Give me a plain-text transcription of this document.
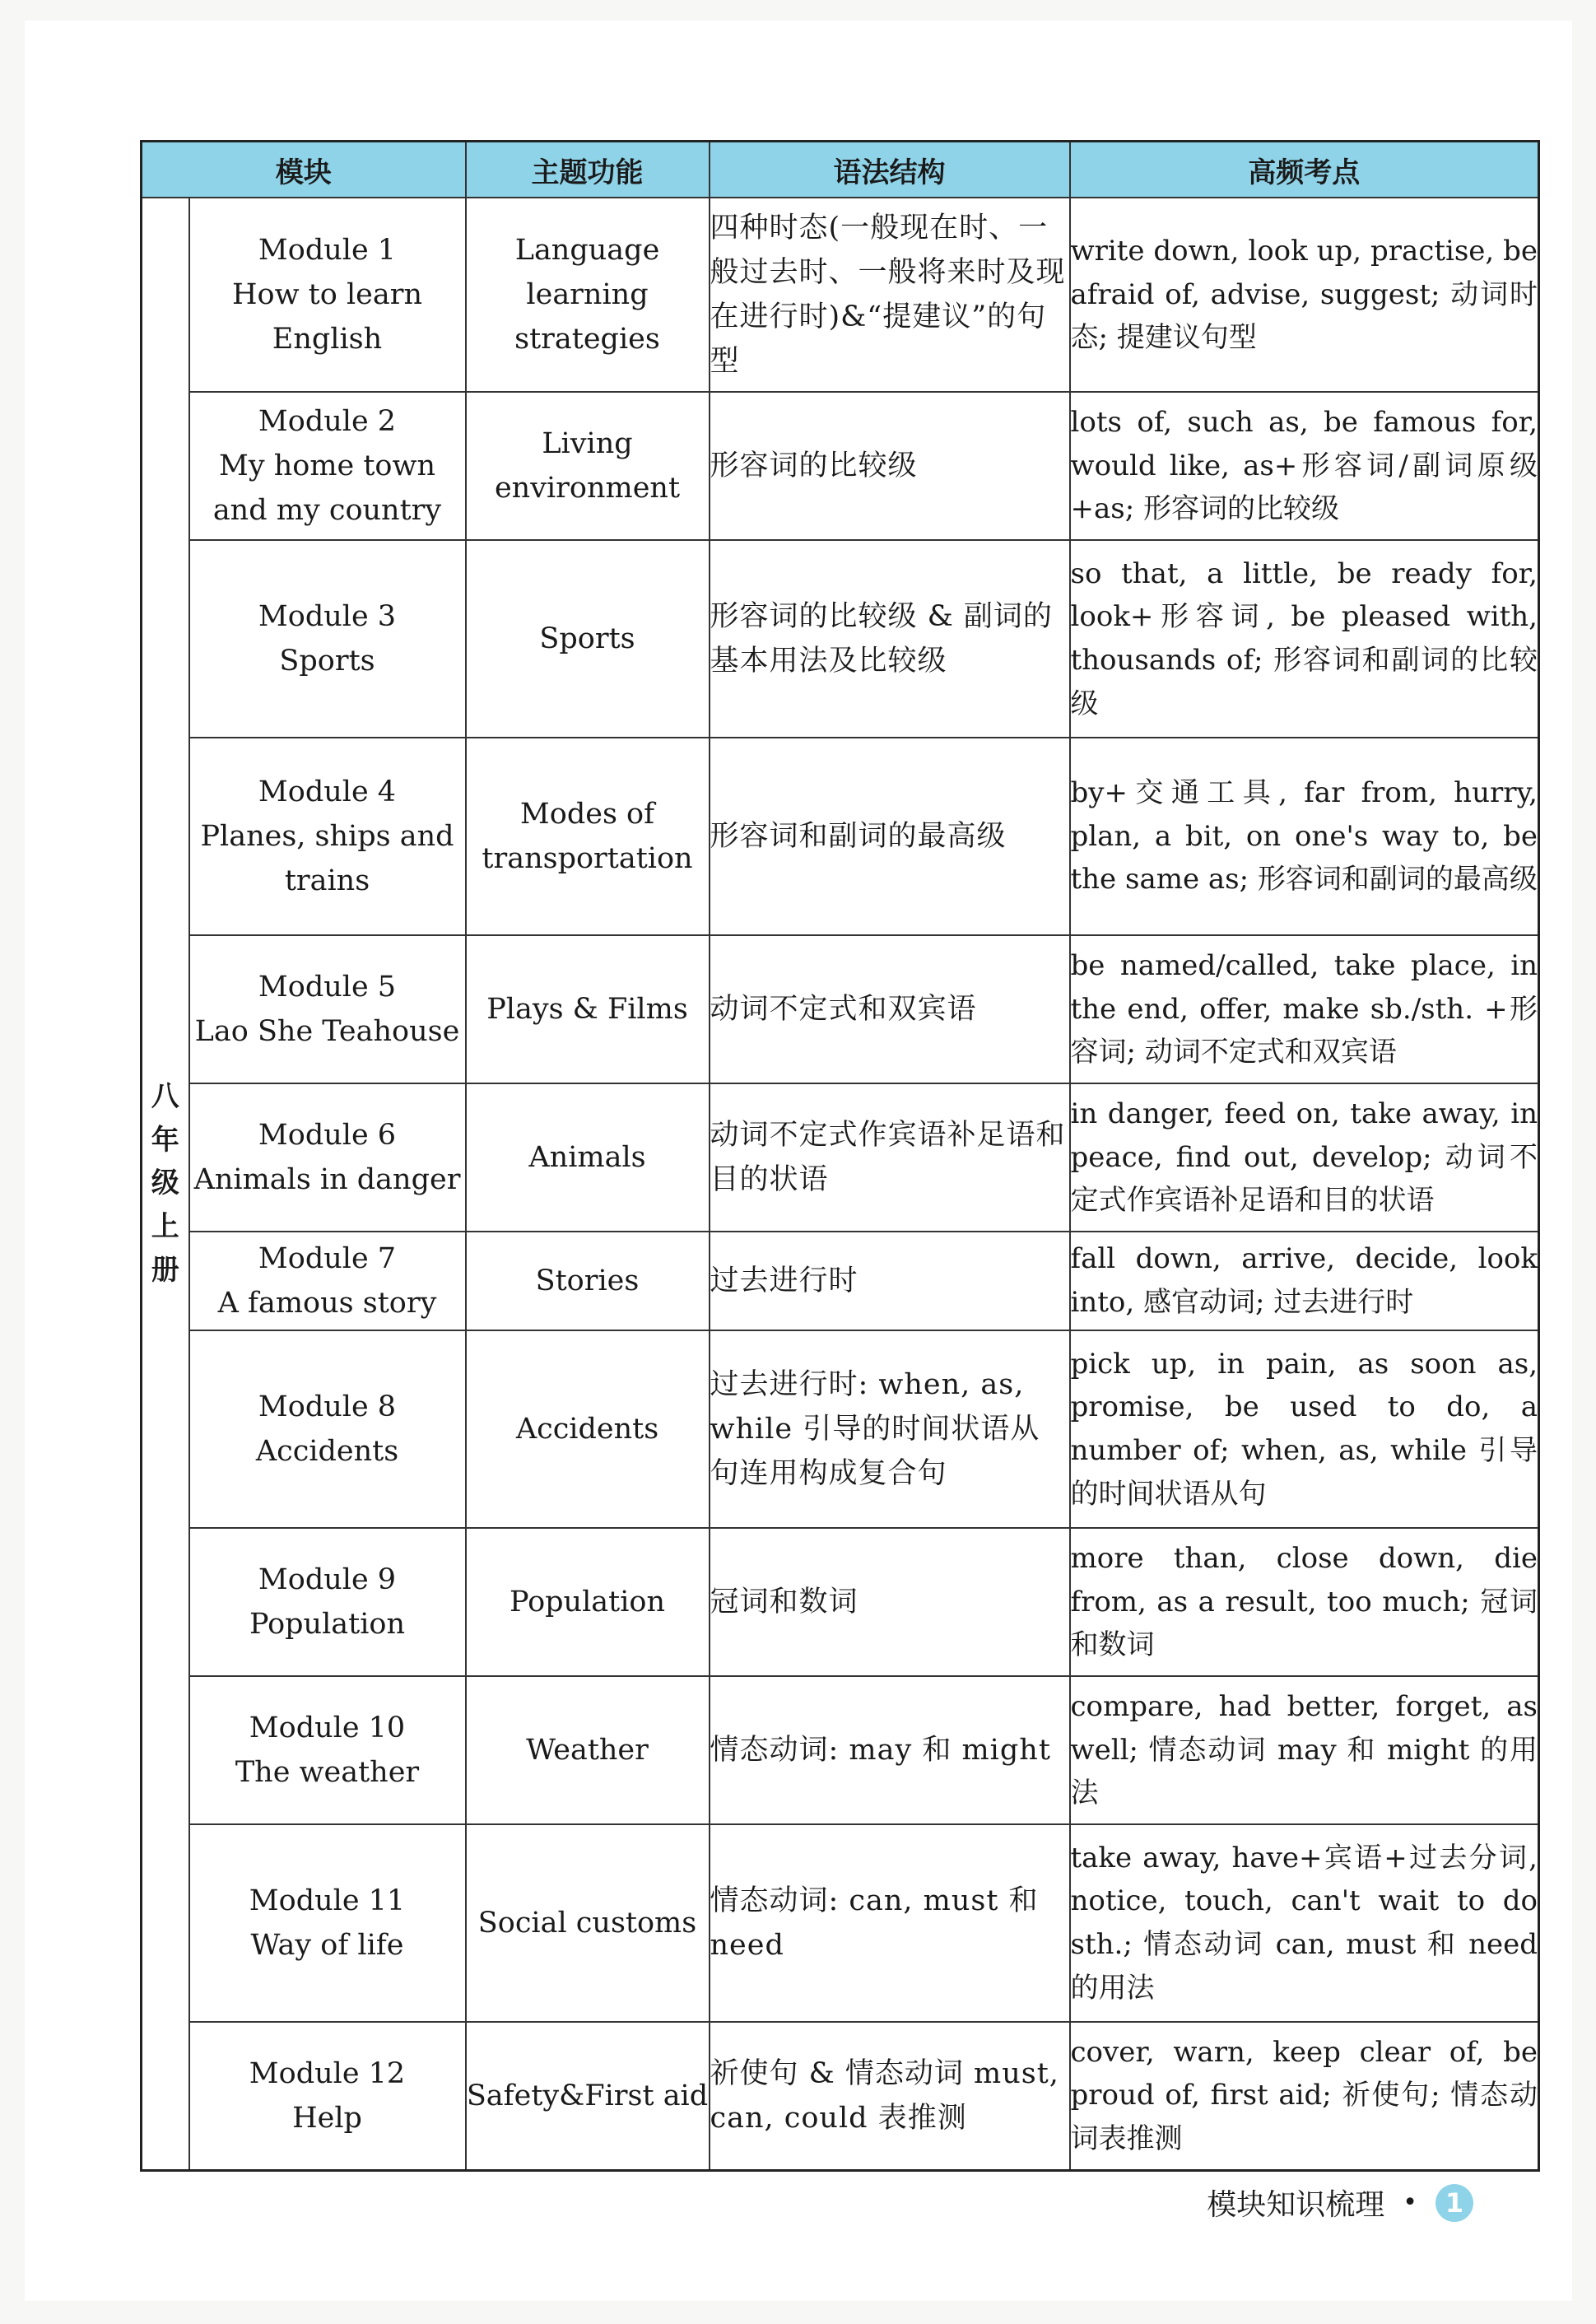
模块		主题功能	语法结构	高频考点

八
年
级
上
册	Module 1
How to learn
English	Language learning strategies	四种时态(一般现在时、一般过去时、一般将来时及现在进行时)&“提建议”的句型	write down, look up, practise, be afraid of, advise, suggest; 动词时态; 提建议句型

	Module 2
My home town
and my country	Living environment	形容词的比较级	lots of, such as, be famous for, would like, as+形容词/副词原级+as; 形容词的比较级

	Module 3
Sports	Sports	形容词的比较级 & 副词的基本用法及比较级	so that, a little, be ready for, look+形容词, be pleased with, thousands of; 形容词和副词的比较级

	Module 4
Planes, ships and
trains	Modes of transportation	形容词和副词的最高级	by+交通工具, far from, hurry, plan, a bit, on one's way to, be the same as; 形容词和副词的最高级

	Module 5
Lao She Teahouse	Plays & Films	动词不定式和双宾语	be named/called, take place, in the end, offer, make sb./sth. +形容词; 动词不定式和双宾语

	Module 6
Animals in danger	Animals	动词不定式作宾语补足语和目的状语	in danger, feed on, take away, in peace, find out, develop; 动词不定式作宾语补足语和目的状语

	Module 7
A famous story	Stories	过去进行时	fall down, arrive, decide, look into, 感官动词; 过去进行时

	Module 8
Accidents	Accidents	过去进行时: when, as, while 引导的时间状语从句连用构成复合句	pick up, in pain, as soon as, promise, be used to do, a number of; when, as, while 引导的时间状语从句

	Module 9
Population	Population	冠词和数词	more than, close down, die from, as a result, too much; 冠词和数词

	Module 10
The weather	Weather	情态动词: may 和 might	compare, had better, forget, as well; 情态动词 may 和 might 的用法

	Module 11
Way of life	Social customs	情态动词: can, must 和 need	take away, have+宾语+过去分词, notice, touch, can't wait to do sth.; 情态动词 can, must 和 need 的用法

	Module 12
Help	Safety&First aid	祈使句 & 情态动词 must, can, could 表推测	cover, warn, keep clear of, be proud of, first aid; 祈使句; 情态动词表推测
模块知识梳理 •	1
